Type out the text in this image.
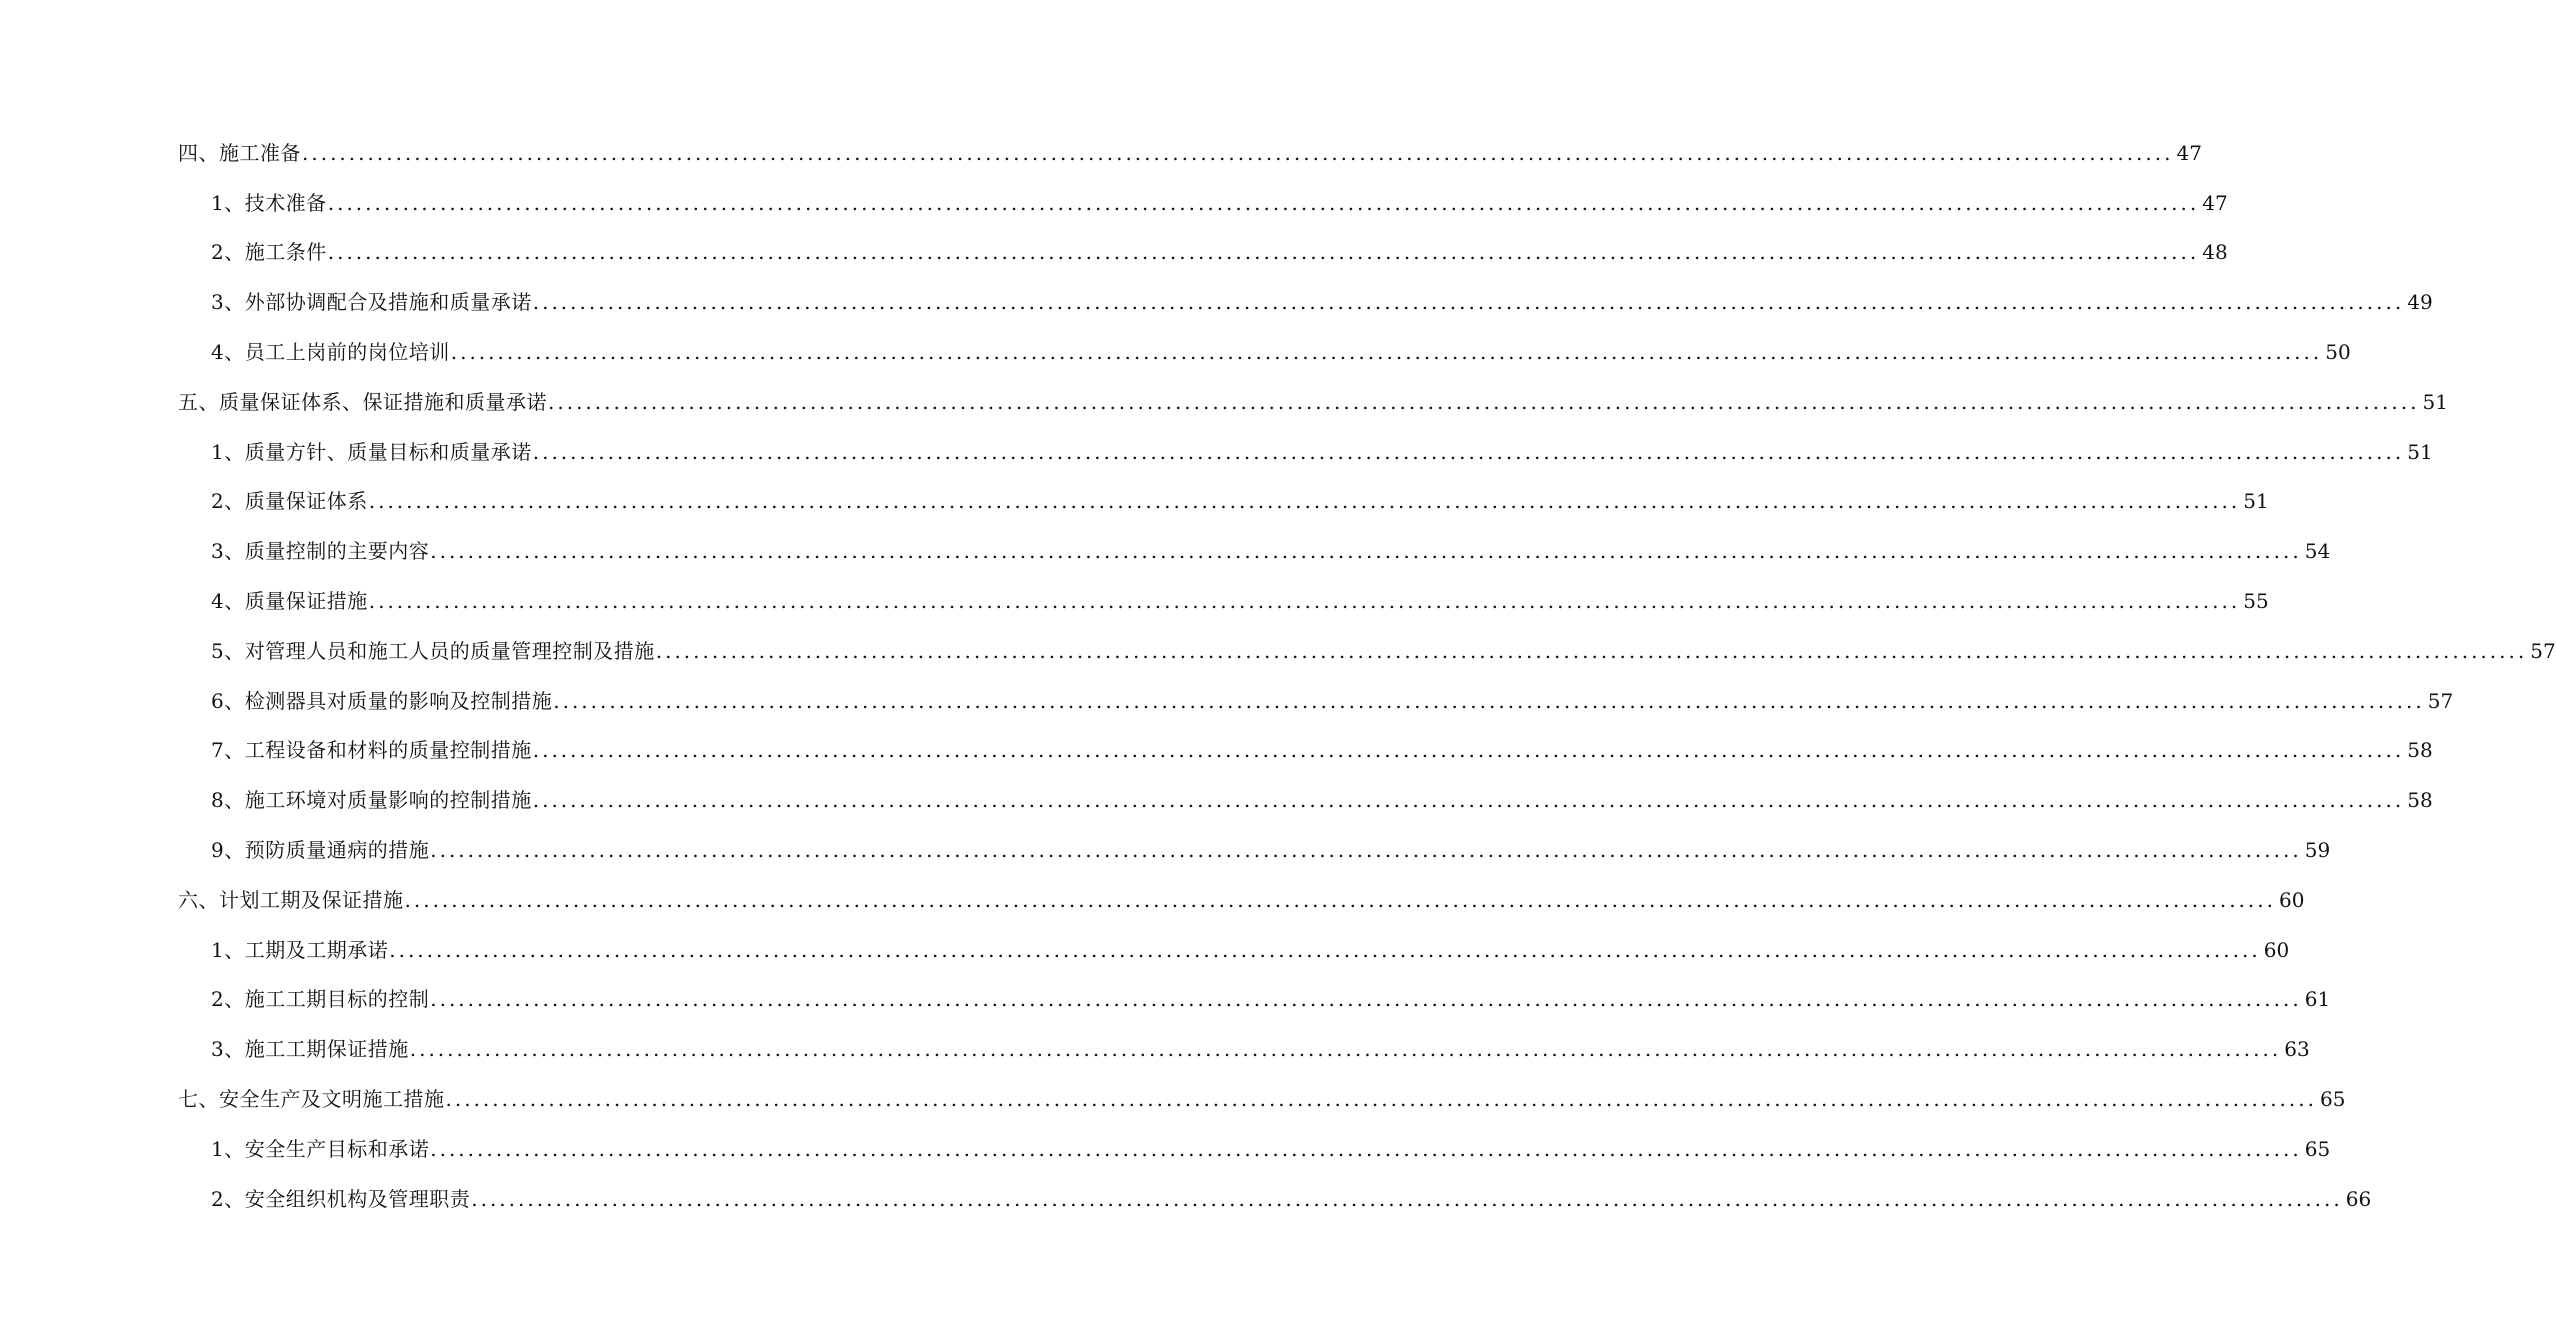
四、施工准备 ........................................................................................................................................................................................................ 47
1、技术准备 ........................................................................................................................................................................................................ 47
2、施工条件 ........................................................................................................................................................................................................ 48
3、外部协调配合及措施和质量承诺 ........................................................................................................................................................................................................ 49
4、员工上岗前的岗位培训 ........................................................................................................................................................................................................ 50
五、质量保证体系、保证措施和质量承诺 ........................................................................................................................................................................................................ 51
1、质量方针、质量目标和质量承诺 ........................................................................................................................................................................................................ 51
2、质量保证体系 ........................................................................................................................................................................................................ 51
3、质量控制的主要内容 ........................................................................................................................................................................................................ 54
4、质量保证措施 ........................................................................................................................................................................................................ 55
5、对管理人员和施工人员的质量管理控制及措施 ........................................................................................................................................................................................................ 57
6、检测器具对质量的影响及控制措施 ........................................................................................................................................................................................................ 57
7、工程设备和材料的质量控制措施 ........................................................................................................................................................................................................ 58
8、施工环境对质量影响的控制措施 ........................................................................................................................................................................................................ 58
9、预防质量通病的措施 ........................................................................................................................................................................................................ 59
六、计划工期及保证措施 ........................................................................................................................................................................................................ 60
1、工期及工期承诺 ........................................................................................................................................................................................................ 60
2、施工工期目标的控制 ........................................................................................................................................................................................................ 61
3、施工工期保证措施 ........................................................................................................................................................................................................ 63
七、安全生产及文明施工措施 ........................................................................................................................................................................................................ 65
1、安全生产目标和承诺 ........................................................................................................................................................................................................ 65
2、安全组织机构及管理职责 ........................................................................................................................................................................................................ 66
